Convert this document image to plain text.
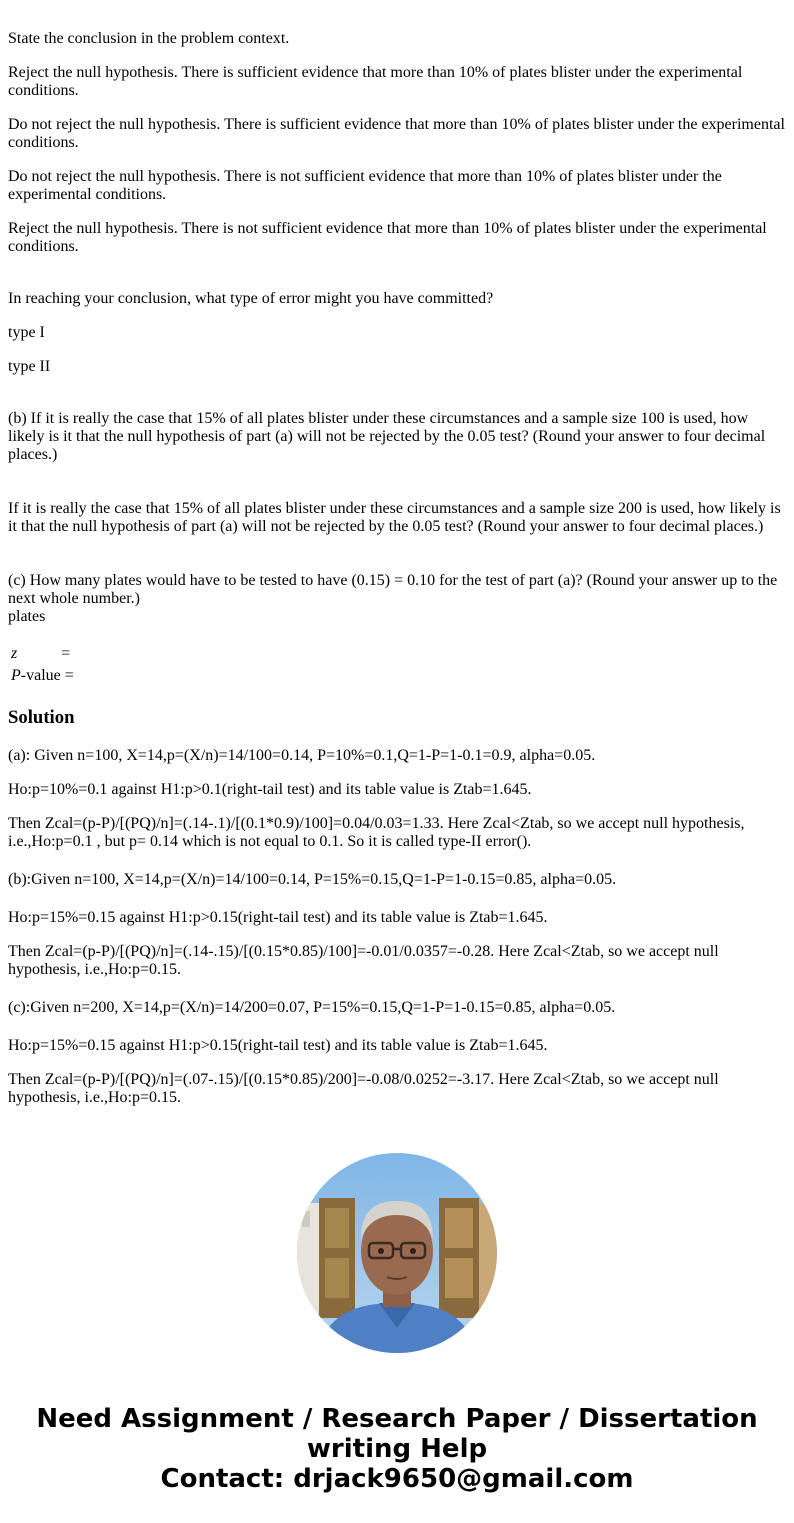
State the conclusion in the problem context.

Reject the null hypothesis. There is sufficient evidence that more than 10% of plates blister under the experimental conditions.

Do not reject the null hypothesis. There is sufficient evidence that more than 10% of plates blister under the experimental conditions.

Do not reject the null hypothesis. There is not sufficient evidence that more than 10% of plates blister under the experimental conditions.

Reject the null hypothesis. There is not sufficient evidence that more than 10% of plates blister under the experimental conditions.

In reaching your conclusion, what type of error might you have committed?

type I

type II

(b) If it is really the case that 15% of all plates blister under these circumstances and a sample size 100 is used, how likely is it that the null hypothesis of part (a) will not be rejected by the 0.05 test? (Round your answer to four decimal places.)

If it is really the case that 15% of all plates blister under these circumstances and a sample size 200 is used, how likely is it that the null hypothesis of part (a) will not be rejected by the 0.05 test? (Round your answer to four decimal places.)

(c) How many plates would have to be tested to have (0.15) = 0.10 for the test of part (a)? (Round your answer up to the next whole number.)

plates

z	=
P-value =
Solution

(a): Given n=100, X=14,p=(X/n)=14/100=0.14, P=10%=0.1,Q=1-P=1-0.1=0.9, alpha=0.05.

Ho:p=10%=0.1 against H1:p>0.1(right-tail test) and its table value is Ztab=1.645.

Then Zcal=(p-P)/[(PQ)/n]=(.14-.1)/[(0.1*0.9)/100]=0.04/0.03=1.33. Here Zcal<Ztab, so we accept null hypothesis, i.e.,Ho:p=0.1 , but p= 0.14 which is not equal to 0.1. So it is called type-II error().

(b):Given n=100, X=14,p=(X/n)=14/100=0.14, P=15%=0.15,Q=1-P=1-0.15=0.85, alpha=0.05.

Ho:p=15%=0.15 against H1:p>0.15(right-tail test) and its table value is Ztab=1.645.

Then Zcal=(p-P)/[(PQ)/n]=(.14-.15)/[(0.15*0.85)/100]=-0.01/0.0357=-0.28. Here Zcal<Ztab, so we accept null hypothesis, i.e.,Ho:p=0.15.

(c):Given n=200, X=14,p=(X/n)=14/200=0.07, P=15%=0.15,Q=1-P=1-0.15=0.85, alpha=0.05.

Ho:p=15%=0.15 against H1:p>0.15(right-tail test) and its table value is Ztab=1.645.

Then Zcal=(p-P)/[(PQ)/n]=(.07-.15)/[(0.15*0.85)/200]=-0.08/0.0252=-3.17. Here Zcal<Ztab, so we accept null hypothesis, i.e.,Ho:p=0.15.

Need Assignment / Research Paper / Dissertation
writing Help
Contact: drjack9650@gmail.com
